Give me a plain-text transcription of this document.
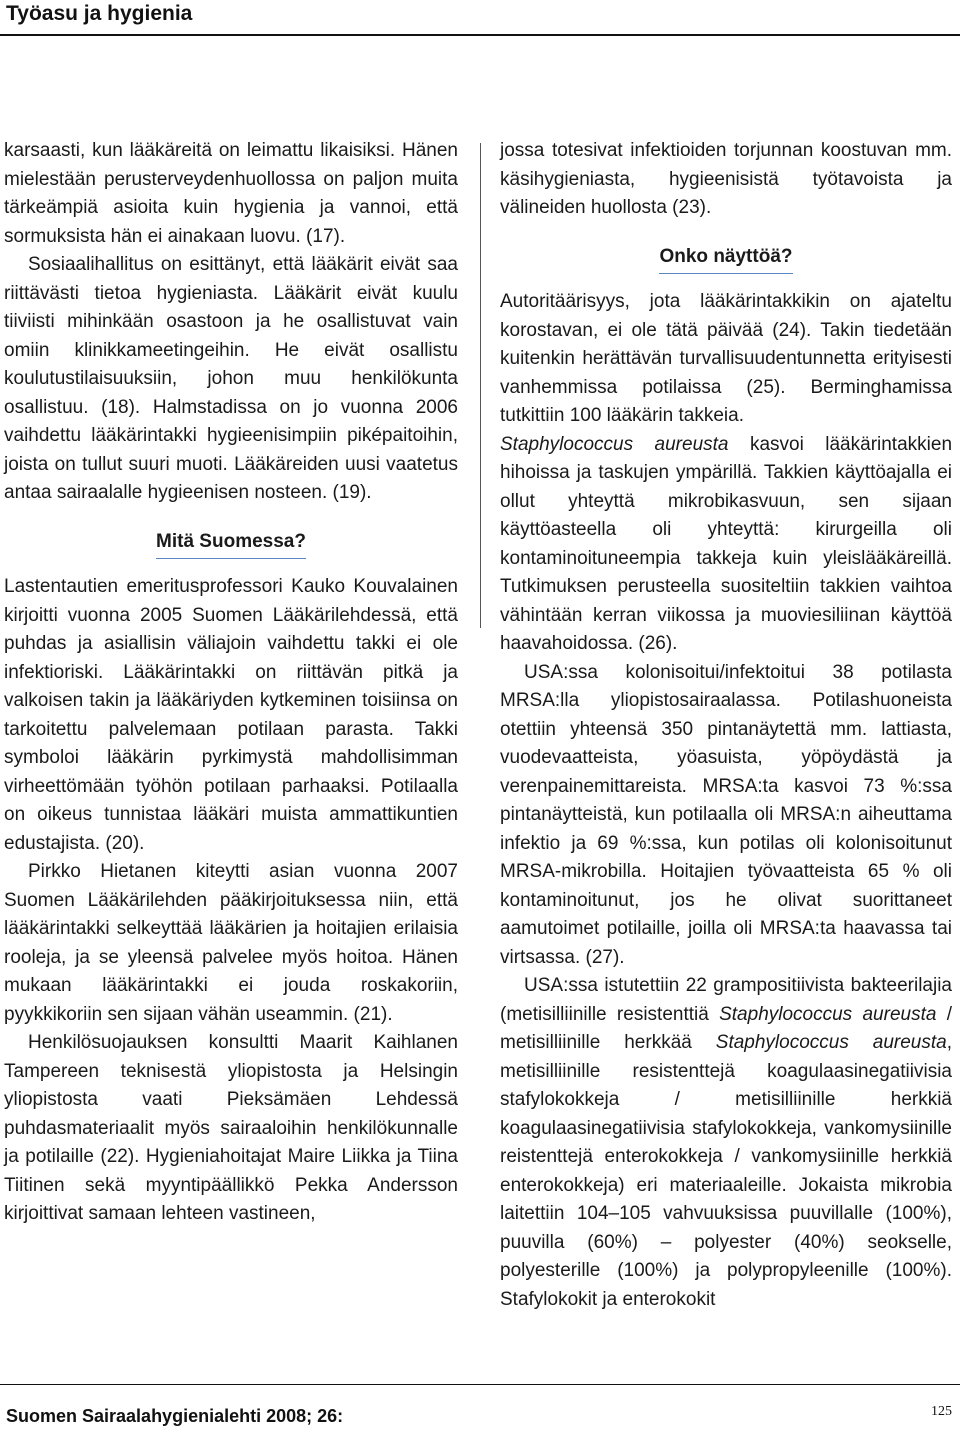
Työasu ja hygienia

karsaasti, kun lääkäreitä on leimattu likaisiksi. Hänen mielestään perusterveydenhuollossa on paljon muita tärkeämpiä asioita kuin hygienia ja vannoi, että sormuksista hän ei ainakaan luovu. (17).

Sosiaalihallitus on esittänyt, että lääkärit eivät saa riittävästi tietoa hygieniasta. Lääkärit eivät kuulu tiiviisti mihinkään osastoon ja he osallistuvat vain omiin klinikkameetingeihin. He eivät osallistu koulutustilaisuuksiin, johon muu henkilökunta osallistuu. (18). Halmstadissa on jo vuonna 2006 vaihdettu lääkärintakki hygieenisimpiin piképaitoihin, joista on tullut suuri muoti. Lääkäreiden uusi vaatetus antaa sairaalalle hygieenisen nosteen. (19).

Mitä Suomessa?

Lastentautien emeritusprofessori Kauko Kouvalainen kirjoitti vuonna 2005 Suomen Lääkärilehdessä, että puhdas ja asiallisin väliajoin vaihdettu takki ei ole infektioriski. Lääkärintakki on riittävän pitkä ja valkoisen takin ja lääkäriyden kytkeminen toisiinsa on tarkoitettu palvelemaan potilaan parasta. Takki symboloi lääkärin pyrkimystä mahdollisimman virheettömään työhön potilaan parhaaksi. Potilaalla on oikeus tunnistaa lääkäri muista ammattikuntien edustajista. (20).

Pirkko Hietanen kiteytti asian vuonna 2007 Suomen Lääkärilehden pääkirjoituksessa niin, että lääkärintakki selkeyttää lääkärien ja hoitajien erilaisia rooleja, ja se yleensä palvelee myös hoitoa. Hänen mukaan lääkärintakki ei jouda roskakoriin, pyykkikoriin sen sijaan vähän useammin. (21).

Henkilösuojauksen konsultti Maarit Kaihlanen Tampereen teknisestä yliopistosta ja Helsingin yliopistosta vaati Pieksämäen Lehdessä puhdasmateriaalit myös sairaaloihin henkilökunnalle ja potilaille (22). Hygieniahoitajat Maire Liikka ja Tiina Tiitinen sekä myyntipäällikkö Pekka Andersson kirjoittivat samaan lehteen vastineen,

jossa totesivat infektioiden torjunnan koostuvan mm. käsihygieniasta, hygieenisistä työtavoista ja välineiden huollosta (23).

Onko näyttöä?

Autoritäärisyys, jota lääkärintakkikin on ajateltu korostavan, ei ole tätä päivää (24). Takin tiedetään kuitenkin herättävän turvallisuudentunnetta erityisesti vanhemmissa potilaissa (25). Berminghamissa tutkittiin 100 lääkärin takkeia.
Staphylococcus aureusta kasvoi lääkärintakkien hihoissa ja taskujen ympärillä. Takkien käyttöajalla ei ollut yhteyttä mikrobikasvuun, sen sijaan käyttöasteella oli yhteyttä: kirurgeilla oli kontaminoituneempia takkeja kuin yleislääkäreillä. Tutkimuksen perusteella suositeltiin takkien vaihtoa vähintään kerran viikossa ja muoviesiliinan käyttöä haavahoidossa. (26).

USA:ssa kolonisoitui/infektoitui 38 potilasta MRSA:lla yliopistosairaalassa. Potilashuoneista otettiin yhteensä 350 pintanäytettä mm. lattiasta, vuodevaatteista, yöasuista, yöpöydästä ja verenpainemittareista. MRSA:ta kasvoi 73 %:ssa pintanäytteistä, kun potilaalla oli MRSA:n aiheuttama infektio ja 69 %:ssa, kun potilas oli kolonisoitunut MRSA-mikrobilla. Hoitajien työvaatteista 65 % oli kontaminoitunut, jos he olivat suorittaneet aamutoimet potilaille, joilla oli MRSA:ta haavassa tai virtsassa. (27).

USA:ssa istutettiin 22 grampositiivista bakteerilajia (metisilliinille resistenttiä Staphylococcus aureusta / metisilliinille herkkää Staphylococcus aureusta, metisilliinille resistenttejä koagulaasinegatiivisia stafylokokkeja / metisilliinille herkkiä koagulaasinegatiivisia stafylokokkeja, vankomysiinille reistenttejä enterokokkeja / vankomysiinille herkkiä enterokokkeja) eri materiaaleille. Jokaista mikrobia laitettiin 104–105 vahvuuksissa puuvillalle (100%), puuvilla (60%) – polyester (40%) seokselle, polyesterille (100%) ja polypropyleenille (100%). Stafylokokit ja enterokokit

Suomen Sairaalahygienialehti 2008; 26:	125
